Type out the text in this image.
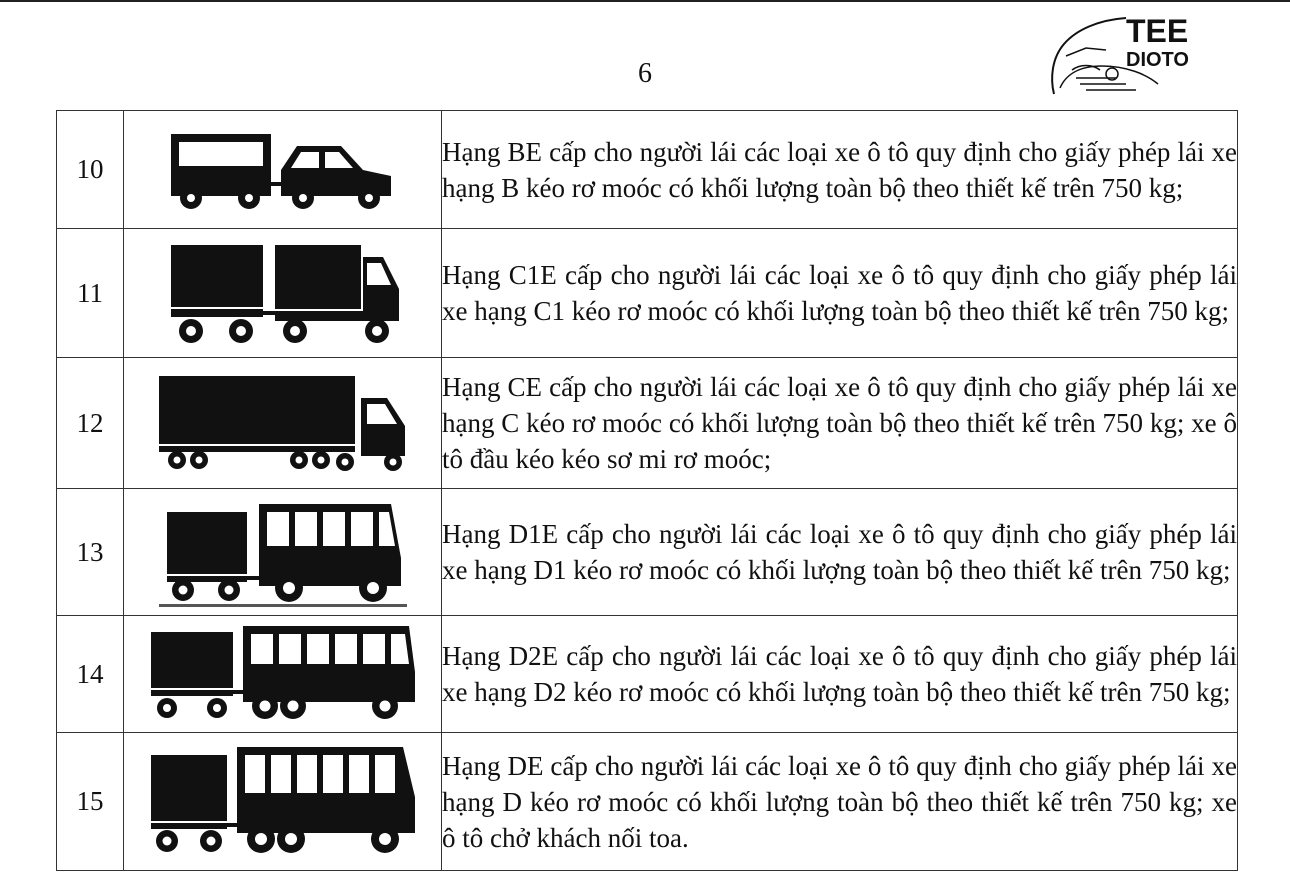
6
TEE
DIOTO
10		Hạng BE cấp cho người lái các loại xe ô tô quy định cho giấy phép lái xe hạng B kéo rơ moóc có khối lượng toàn bộ theo thiết kế trên 750 kg;
11		Hạng C1E cấp cho người lái các loại xe ô tô quy định cho giấy phép lái xe hạng C1 kéo rơ moóc có khối lượng toàn bộ theo thiết kế trên 750 kg;
12		Hạng CE cấp cho người lái các loại xe ô tô quy định cho giấy phép lái xe hạng C kéo rơ moóc có khối lượng toàn bộ theo thiết kế trên 750 kg; xe ô tô đầu kéo kéo sơ mi rơ moóc;
13		Hạng D1E cấp cho người lái các loại xe ô tô quy định cho giấy phép lái xe hạng D1 kéo rơ moóc có khối lượng toàn bộ theo thiết kế trên 750 kg;
14		Hạng D2E cấp cho người lái các loại xe ô tô quy định cho giấy phép lái xe hạng D2 kéo rơ moóc có khối lượng toàn bộ theo thiết kế trên 750 kg;
15		Hạng DE cấp cho người lái các loại xe ô tô quy định cho giấy phép lái xe hạng D kéo rơ moóc có khối lượng toàn bộ theo thiết kế trên 750 kg; xe ô tô chở khách nối toa.
